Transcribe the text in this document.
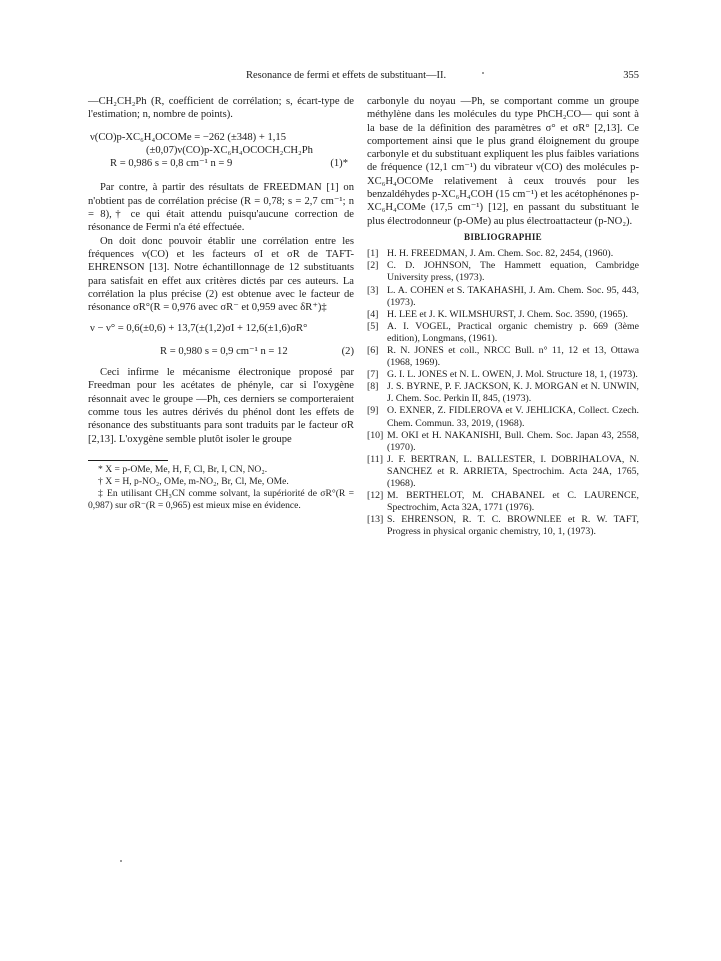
Resonance de fermi et effets de substituant—II.	355

—CH₂CH₂Ph (R, coefficient de corrélation; s, écart-type de l'estimation; n, nombre de points).

ν(CO)p-XC₆H₄OCOMe = −262 (±348) + 1,15
(±0,07)ν(CO)p-XC₆H₄OCOCH₂CH₂Ph
R = 0,986 s = 0,8 cm⁻¹ n = 9	(1)*

Par contre, à partir des résultats de FREEDMAN [1] on n'obtient pas de corrélation précise (R = 0,78; s = 2,7 cm⁻¹; n = 8),† ce qui était attendu puisqu'aucune correction de résonance de Fermi n'a été effectuée.

On doit donc pouvoir établir une corrélation entre les fréquences ν(CO) et les facteurs σI et σR de TAFT-EHRENSON [13]. Notre échantillonnage de 12 substituants para satisfait en effet aux critères dictés par ces auteurs. La corrélation la plus précise (2) est obtenue avec le facteur de résonance σR°(R = 0,976 avec σR⁻ et 0,959 avec δR⁺)‡

ν − ν° = 0,6(±0,6) + 13,7(±(1,2)σI + 12,6(±1,6)σR°
R = 0,980 s = 0,9 cm⁻¹ n = 12	(2)

Ceci infirme le mécanisme électronique proposé par Freedman pour les acétates de phényle, car si l'oxygène résonnait avec le groupe —Ph, ces derniers se comporteraient comme tous les autres dérivés du phénol dont les effets de résonance des substituants para sont traduits par le facteur σR [2,13]. L'oxygène semble plutôt isoler le groupe

* X = p-OMe, Me, H, F, Cl, Br, I, CN, NO₂.

† X = H, p-NO₂, OMe, m-NO₂, Br, Cl, Me, OMe.

‡ En utilisant CH₃CN comme solvant, la supériorité de σR°(R = 0,987) sur σR⁻(R = 0,965) est mieux mise en évidence.

carbonyle du noyau —Ph, se comportant comme un groupe méthylène dans les molécules du type PhCH₂CO— qui sont à la base de la définition des paramètres σ° et σR° [2,13]. Ce comportement ainsi que le plus grand éloignement du groupe carbonyle et du substituant expliquent les plus faibles variations de fréquence (12,1 cm⁻¹) du vibrateur ν(CO) des molécules p-XC₆H₄OCOMe relativement à ceux trouvés pour les benzaldéhydes p-XC₆H₄COH (15 cm⁻¹) et les acétophénones p-XC₆H₄COMe (17,5 cm⁻¹) [12], en passant du substituant le plus électrodonneur (p-OMe) au plus électroattacteur (p-NO₂).

BIBLIOGRAPHIE
[1] H. H. FREEDMAN, J. Am. Chem. Soc. 82, 2454, (1960).
[2] C. D. JOHNSON, The Hammett equation, Cambridge University press, (1973).
[3] L. A. COHEN et S. TAKAHASHI, J. Am. Chem. Soc. 95, 443, (1973).
[4] H. LEE et J. K. WILMSHURST, J. Chem. Soc. 3590, (1965).
[5] A. I. VOGEL, Practical organic chemistry p. 669 (3ème edition), Longmans, (1961).
[6] R. N. JONES et coll., NRCC Bull. n° 11, 12 et 13, Ottawa (1968, 1969).
[7] G. I. L. JONES et N. L. OWEN, J. Mol. Structure 18, 1, (1973).
[8] J. S. BYRNE, P. F. JACKSON, K. J. MORGAN et N. UNWIN, J. Chem. Soc. Perkin II, 845, (1973).
[9] O. EXNER, Z. FIDLEROVA et V. JEHLICKA, Collect. Czech. Chem. Commun. 33, 2019, (1968).
[10] M. OKI et H. NAKANISHI, Bull. Chem. Soc. Japan 43, 2558, (1970).
[11] J. F. BERTRAN, L. BALLESTER, I. DOBRIHALOVA, N. SANCHEZ et R. ARRIETA, Spectrochim. Acta 24A, 1765, (1968).
[12] M. BERTHELOT, M. CHABANEL et C. LAURENCE, Spectrochim, Acta 32A, 1771 (1976).
[13] S. EHRENSON, R. T. C. BROWNLEE et R. W. TAFT, Progress in physical organic chemistry, 10, 1, (1973).
